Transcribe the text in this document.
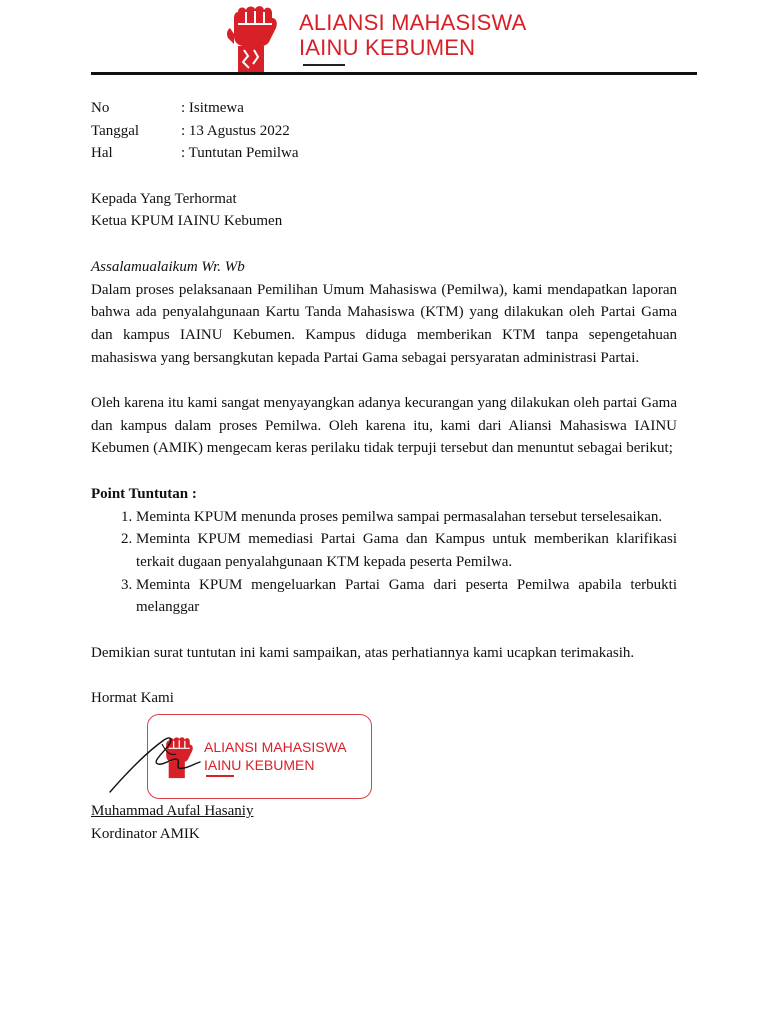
ALIANSI MAHASISWA
IAINU KEBUMEN
No	: Isitmewa
Tanggal	: 13 Agustus 2022
Hal	: Tuntutan Pemilwa
Kepada Yang Terhormat
Ketua KPUM IAINU Kebumen
Assalamualaikum Wr. Wb

Dalam proses pelaksanaan Pemilihan Umum Mahasiswa (Pemilwa), kami mendapatkan laporan bahwa ada penyalahgunaan Kartu Tanda Mahasiswa (KTM) yang dilakukan oleh Partai Gama dan kampus IAINU Kebumen. Kampus diduga memberikan KTM tanpa sepengetahuan mahasiswa yang bersangkutan kepada Partai Gama sebagai persyaratan administrasi Partai.

Oleh karena itu kami sangat menyayangkan adanya kecurangan yang dilakukan oleh partai Gama dan kampus dalam proses Pemilwa. Oleh karena itu, kami dari Aliansi Mahasiswa IAINU Kebumen (AMIK) mengecam keras perilaku tidak terpuji tersebut dan menuntut sebagai berikut;

Point Tuntutan :
1. Meminta KPUM menunda proses pemilwa sampai permasalahan tersebut terselesaikan.
2. Meminta KPUM memediasi Partai Gama dan Kampus untuk memberikan klarifikasi terkait dugaan penyalahgunaan KTM kepada peserta Pemilwa.
3. Meminta KPUM mengeluarkan Partai Gama dari peserta Pemilwa apabila terbukti melanggar
Demikian surat tuntutan ini kami sampaikan, atas perhatiannya kami ucapkan terimakasih.
Hormat Kami
ALIANSI MAHASISWA
IAINU KEBUMEN
Muhammad Aufal Hasaniy
Kordinator AMIK
